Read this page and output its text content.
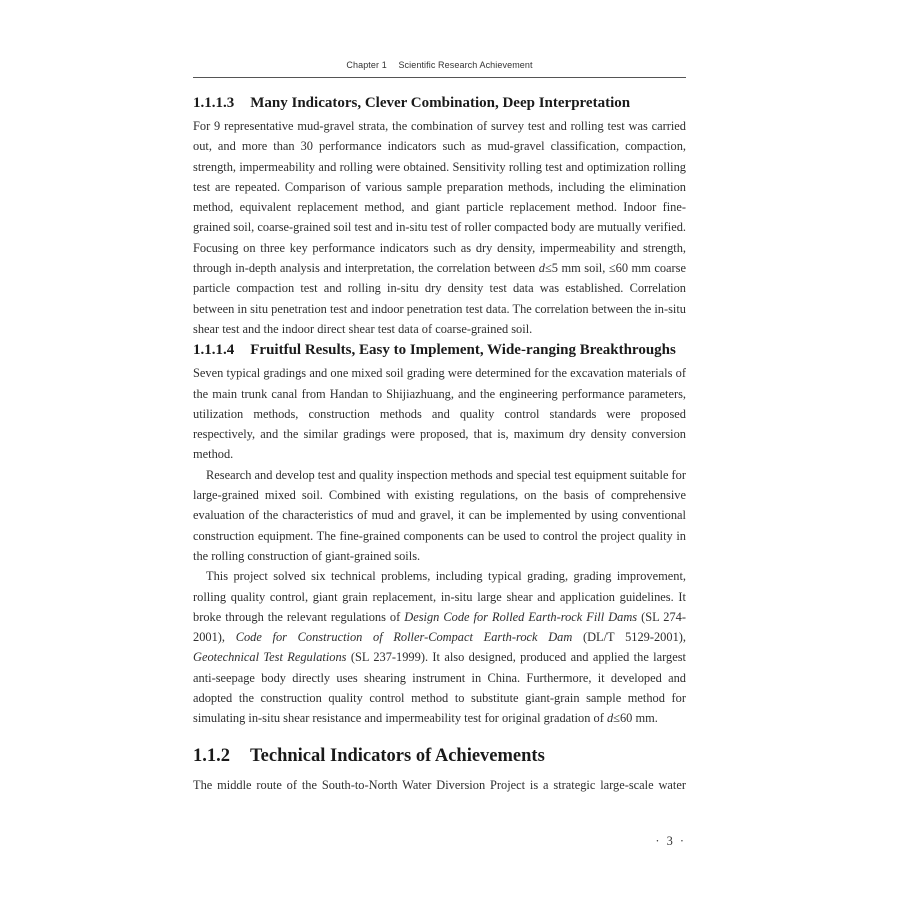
Chapter 1 Scientific Research Achievement
1.1.1.3 Many Indicators, Clever Combination, Deep Interpretation

For 9 representative mud-gravel strata, the combination of survey test and rolling test was carried out, and more than 30 performance indicators such as mud-gravel classification, compaction, strength, impermeability and rolling were obtained. Sensitivity rolling test and optimization rolling test are repeated. Comparison of various sample preparation methods, including the elimination method, equivalent replacement method, and giant particle replacement method. Indoor fine-grained soil, coarse-grained soil test and in-situ test of roller compacted body are mutually verified. Focusing on three key performance indicators such as dry density, impermeability and strength, through in-depth analysis and interpretation, the correlation between d≤5 mm soil, ≤60 mm coarse particle compaction test and rolling in-situ dry density test data was established. Correlation between in situ penetration test and indoor penetration test data. The correlation between the in-situ shear test and the indoor direct shear test data of coarse-grained soil.

1.1.1.4 Fruitful Results, Easy to Implement, Wide-ranging Breakthroughs

Seven typical gradings and one mixed soil grading were determined for the excavation materials of the main trunk canal from Handan to Shijiazhuang, and the engineering performance parameters, utilization methods, construction methods and quality control standards were proposed respectively, and the similar gradings were proposed, that is, maximum dry density conversion method.

Research and develop test and quality inspection methods and special test equipment suitable for large-grained mixed soil. Combined with existing regulations, on the basis of comprehensive evaluation of the characteristics of mud and gravel, it can be implemented by using conventional construction equipment. The fine-grained components can be used to control the project quality in the rolling construction of giant-grained soils.

This project solved six technical problems, including typical grading, grading improvement, rolling quality control, giant grain replacement, in-situ large shear and application guidelines. It broke through the relevant regulations of Design Code for Rolled Earth-rock Fill Dams (SL 274-2001), Code for Construction of Roller-Compact Earth-rock Dam (DL/T 5129-2001), Geotechnical Test Regulations (SL 237-1999). It also designed, produced and applied the largest anti-seepage body directly uses shearing instrument in China. Furthermore, it developed and adopted the construction quality control method to substitute giant-grain sample method for simulating in-situ shear resistance and impermeability test for original gradation of d≤60 mm.

1.1.2 Technical Indicators of Achievements

The middle route of the South-to-North Water Diversion Project is a strategic large-scale water

· 3 ·
